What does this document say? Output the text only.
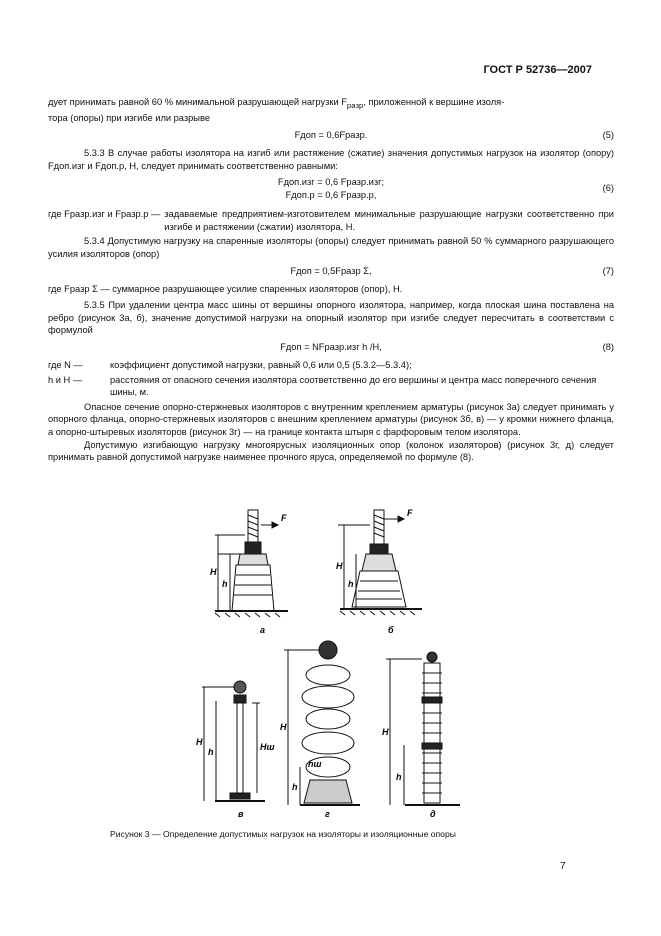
ГОСТ Р 52736—2007

дует принимать равной 60 % минимальной разрушающей нагрузки $F_{разр}$, приложенной к вершине изоля-

тора (опоры) при изгибе или разрыве

Fдоп = 0,6Fразр.	(5)

5.3.3 В случае работы изолятора на изгиб или растяжение (сжатие) значения допустимых нагрузок на изолятор (опору) Fдоп.изг и Fдоп.р, Н, следует принимать соответственно равными:

Fдоп.изг = 0,6 Fразр.изг;
Fдоп.р = 0,6 Fразр.р,
(6)
где Fразр.изг и Fразр.р — задаваемые предприятием-изготовителем минимальные разрушающие нагрузки соответственно при изгибе и растяжении (сжатии) изолятора, Н.

5.3.4 Допустимую нагрузку на спаренные изоляторы (опоры) следует принимать равной 50 % суммарного разрушающего усилия изоляторов (опор)

Fдоп = 0,5Fразр Σ,	(7)

где Fразр Σ — суммарное разрушающее усилие спаренных изоляторов (опор), Н.

5.3.5 При удалении центра масс шины от вершины опорного изолятора, например, когда плоская шина поставлена на ребро (рисунок 3а, б), значение допустимой нагрузки на опорный изолятор при изгибе следует пересчитать в соответствии с формулой

Fдоп = NFразр.изг h /H,	(8)
где N —	коэффициент допустимой нагрузки, равный 0,6 или 0,5 (5.3.2—5.3.4);
h и H —	расстояния от опасного сечения изолятора соответственно до его вершины и центра масс поперечного сечения шины, м.

Опасное сечение опорно-стержневых изоляторов с внутренним креплением арматуры (рисунок 3а) следует принимать у опорного фланца, опорно-стержневых изоляторов с внешним креплением арматуры (рисунок 3б, в) — у кромки нижнего фланца, а опорно-штыревых изоляторов (рисунок 3г) — на границе контакта штыря с фарфоровым телом изолятора.

Допустимую изгибающую нагрузку многоярусных изоляционных опор (колонок изоляторов) (рисунок 3г, д) следует принимать равной допустимой нагрузке наименее прочного яруса, определяемой по формуле (8).

F	F
H
h
H
h
H
h	Hш
H
h
hш
H
h
а	б
в	г	д
Рисунок 3 — Определение допустимых нагрузок на изоляторы и изоляционные опоры
7
